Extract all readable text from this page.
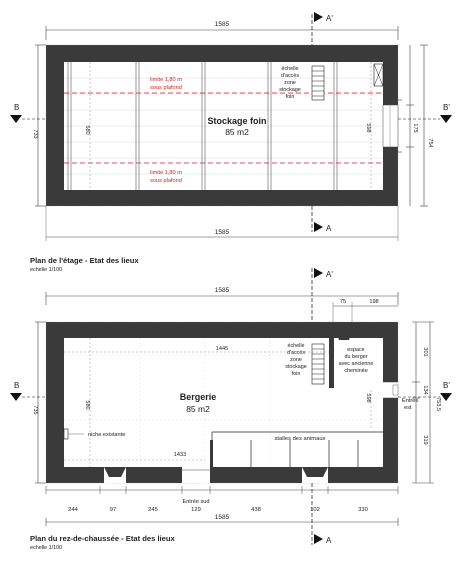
1585
A'
limite 1,80 m
sous plafond
limite 1,80 m
sous plafond
Stockage foin
85 m2
échelle
d'accès
zone
stockage
foin
580	598
733
175
754
B	B'
A
1585
Plan de l'étage - Etat des lieux
echelle 1/100	A'
1585
75	198
stalles des animaux
échelle
d'accès
zone
stockage
foin
espace
du berger
avec ancienne
cheminée
Bergerie
85 m2
1445
580
598
1433
niche existante
Entrée
est
Entrée sud
735
301
134
319
753,5
B	B'
244	97	245	129	438	102	330
1585
A
Plan du rez-de-chaussée - Etat des lieux
echelle 1/100
